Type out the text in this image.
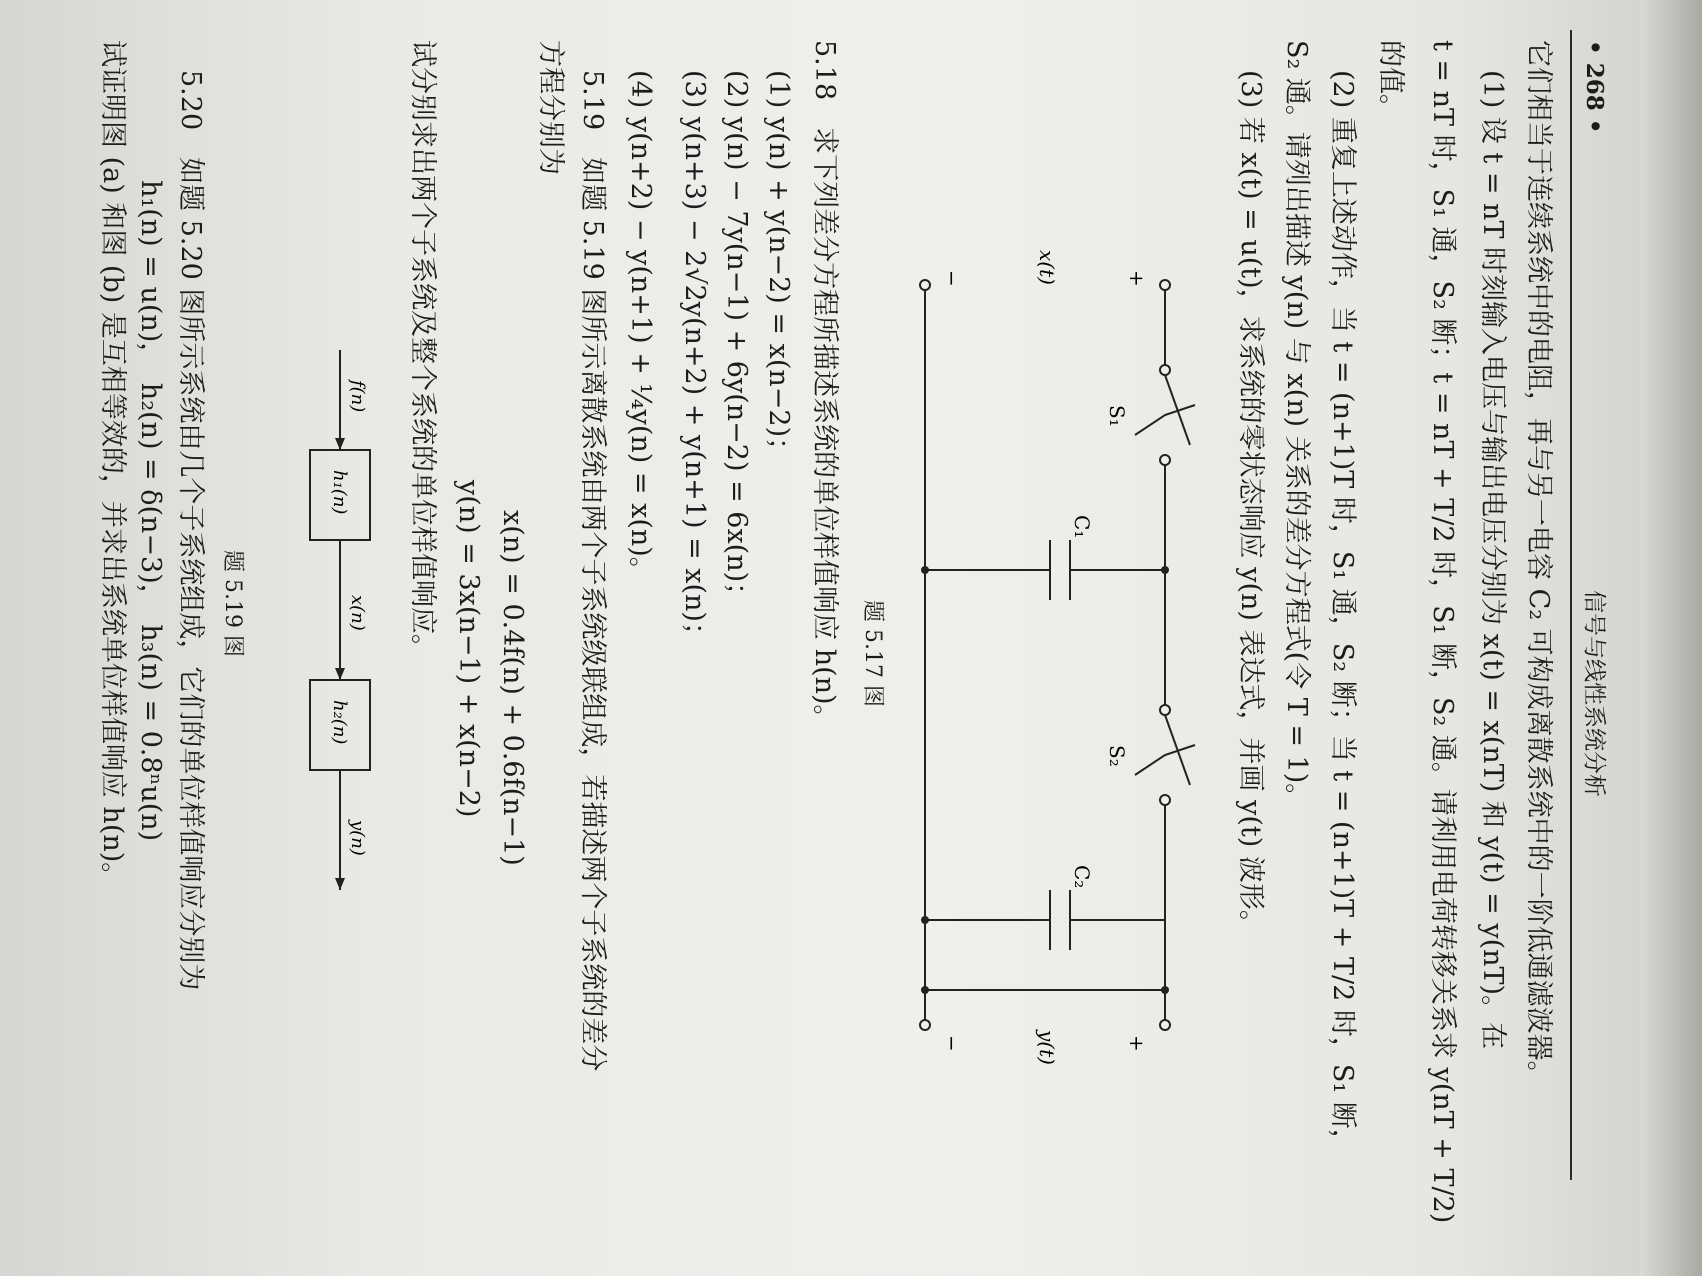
• 268 •
信号与线性系统分析
它们相当于连续系统中的电阻，再与另一电容 C₂ 可构成离散系统中的一阶低通滤波器。
(1) 设 t = nT 时刻输入电压与输出电压分别为 x(t) = x(nT) 和 y(t) = y(nT)。在
t = nT 时，S₁ 通，S₂ 断；t = nT + T/2 时，S₁ 断，S₂ 通。请利用电荷转移关系求 y(nT + T/2)
的值。
(2) 重复上述动作，当 t = (n+1)T 时，S₁ 通，S₂ 断；当 t = (n+1)T + T/2 时，S₁ 断，
S₂ 通。请列出描述 y(n) 与 x(n) 关系的差分方程式(令 T = 1)。
(3) 若 x(t) = u(t)，求系统的零状态响应 y(n) 表达式，并画 y(t) 波形。
+
x(t)
−
S₁
S₂
C₁
C₂
+
y(t)
−
题 5.17 图
5.18　求下列差分方程所描述系统的单位样值响应 h(n)。
(1) y(n) + y(n−2) = x(n−2)；
(2) y(n) − 7y(n−1) + 6y(n−2) = 6x(n)；
(3) y(n+3) − 2√2y(n+2) + y(n+1) = x(n)；
(4) y(n+2) − y(n+1) + ¼y(n) = x(n)。
5.19　如题 5.19 图所示离散系统由两个子系统级联组成，若描述两个子系统的差分
方程分别为
x(n) = 0.4f(n) + 0.6f(n−1)
y(n) = 3x(n−1) + x(n−2)
试分别求出两个子系统及整个系统的单位样值响应。
f(n)
h₁(n)
x(n)
h₂(n)
y(n)
题 5.19 图
5.20　如题 5.20 图所示系统由几个子系统组成，它们的单位样值响应分别为
h₁(n) = u(n)，　h₂(n) = δ(n−3)，　h₃(n) = 0.8ⁿu(n)
试证明图 (a) 和图 (b) 是互相等效的，并求出系统单位样值响应 h(n)。
